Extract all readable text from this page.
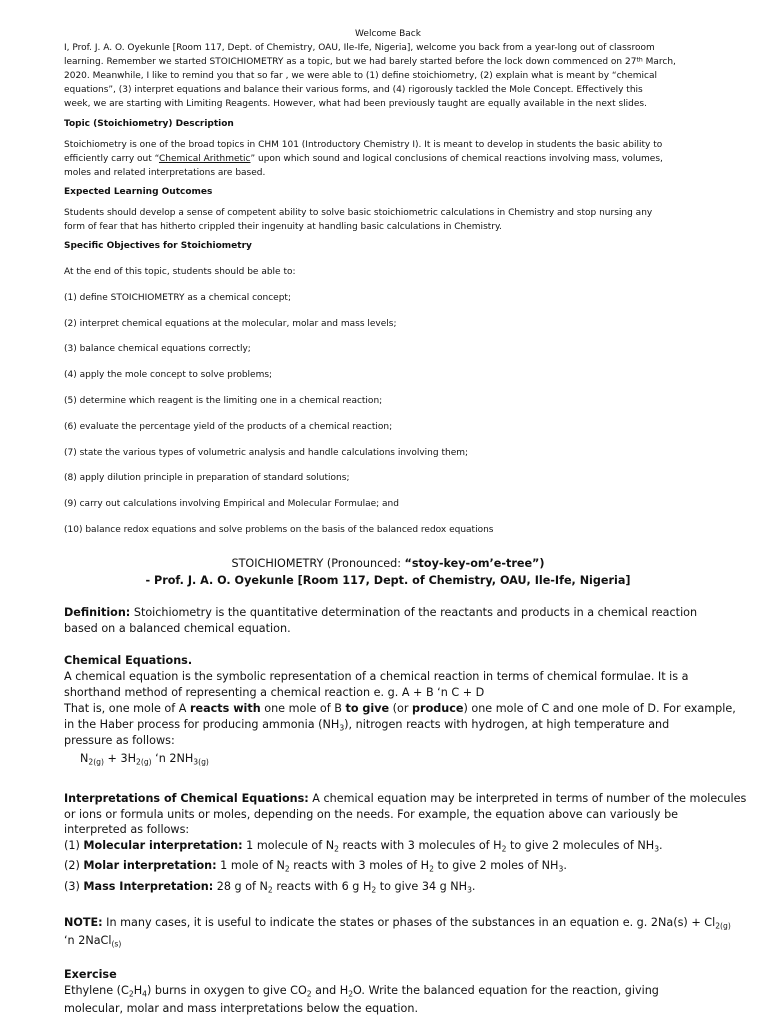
Welcome Back
I, Prof. J. A. O. Oyekunle [Room 117, Dept. of Chemistry, OAU, Ile-Ife, Nigeria], welcome you back from a year-long out of classroom
learning. Remember we started STOICHIOMETRY as a topic, but we had barely started before the lock down commenced on 27th March,
2020. Meanwhile, I like to remind you that so far , we were able to (1) define stoichiometry, (2) explain what is meant by “chemical
equations”, (3) interpret equations and balance their various forms, and (4) rigorously tackled the Mole Concept. Effectively this
week, we are starting with Limiting Reagents. However, what had been previously taught are equally available in the next slides.
Topic (Stoichiometry) Description
Stoichiometry is one of the broad topics in CHM 101 (Introductory Chemistry I). It is meant to develop in students the basic ability to
efficiently carry out “Chemical Arithmetic” upon which sound and logical conclusions of chemical reactions involving mass, volumes,
moles and related interpretations are based.
Expected Learning Outcomes
Students should develop a sense of competent ability to solve basic stoichiometric calculations in Chemistry and stop nursing any
form of fear that has hitherto crippled their ingenuity at handling basic calculations in Chemistry.
Specific Objectives for Stoichiometry
At the end of this topic, students should be able to:
(1) define STOICHIOMETRY as a chemical concept;
(2) interpret chemical equations at the molecular, molar and mass levels;
(3) balance chemical equations correctly;
(4) apply the mole concept to solve problems;
(5) determine which reagent is the limiting one in a chemical reaction;
(6) evaluate the percentage yield of the products of a chemical reaction;
(7) state the various types of volumetric analysis and handle calculations involving them;
(8) apply dilution principle in preparation of standard solutions;
(9) carry out calculations involving Empirical and Molecular Formulae; and
(10) balance redox equations and solve problems on the basis of the balanced redox equations
STOICHIOMETRY (Pronounced: “stoy-key-om’e-tree”)
- Prof. J. A. O. Oyekunle [Room 117, Dept. of Chemistry, OAU, Ile-Ife, Nigeria]
Definition: Stoichiometry is the quantitative determination of the reactants and products in a chemical reaction
based on a balanced chemical equation.
Chemical Equations.
A chemical equation is the symbolic representation of a chemical reaction in terms of chemical formulae. It is a
shorthand method of representing a chemical reaction e. g. A + B ‘n C + D
That is, one mole of A reacts with one mole of B to give (or produce) one mole of C and one mole of D. For example,
in the Haber process for producing ammonia $(NH_3)$, nitrogen reacts with hydrogen, at high temperature and
pressure as follows:
$N_{2(g)} + 3H_{2(g)}$ ‘n $2NH_{3(g)}$
Interpretations of Chemical Equations: A chemical equation may be interpreted in terms of number of the molecules
or ions or formula units or moles, depending on the needs. For example, the equation above can variously be
interpreted as follows:
(1) Molecular interpretation: 1 molecule of $N_2$ reacts with 3 molecules of $H_2$ to give 2 molecules of $NH_3$.
(2) Molar interpretation: 1 mole of $N_2$ reacts with 3 moles of $H_2$ to give 2 moles of $NH_3$.
(3) Mass Interpretation: 28 g of $N_2$ reacts with 6 g $H_2$ to give 34 g $NH_3$.
NOTE: In many cases, it is useful to indicate the states or phases of the substances in an equation e. g. $2Na(s) + Cl_{2(g)}$
‘n 2NaCl$_{(s)}$
Exercise
Ethylene $(C_2H_4)$ burns in oxygen to give $CO_2$ and $H_2O$. Write the balanced equation for the reaction, giving
molecular, molar and mass interpretations below the equation.
